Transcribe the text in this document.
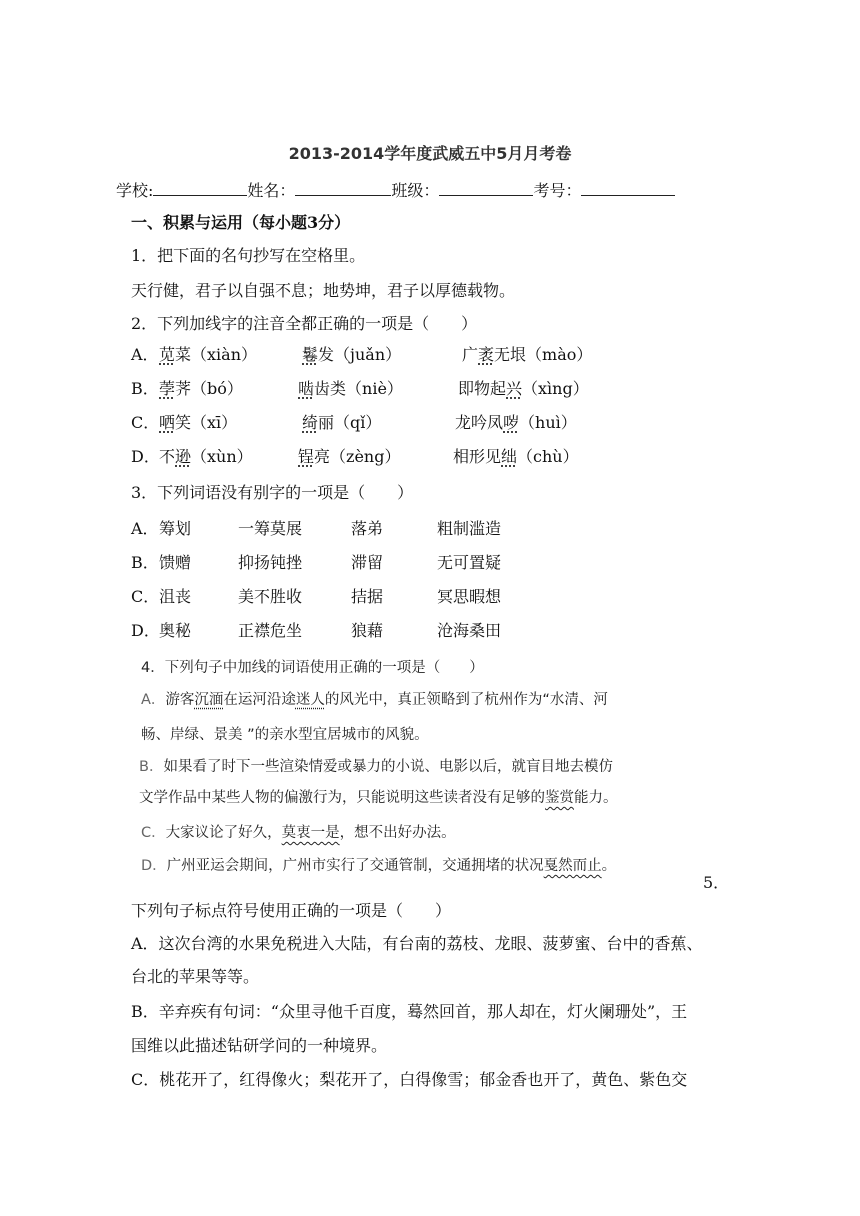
2013-2014学年度武威五中5月月考卷
学校:	姓名：	班级：	考号：
一、积累与运用（每小题3分）
1．把下面的名句抄写在空格里。
天行健，君子以自强不息；地势坤，君子以厚德载物。
2．下列加线字的注音全都正确的一项是（　　）
A． 苋菜（xiàn）	鬈发（juǎn）	广袤无垠（mào）
B． 荸荠（bó）	啮齿类（niè）	即物起兴（xìng）
C． 哂笑（xī）	绮丽（qǐ）	龙吟凤哕（huì）
D． 不逊（xùn）	锃亮（zèng）	相形见绌（chù）
3．下列词语没有别字的一项是（　　）
A． 筹划	一筹莫展	落弟	粗制滥造
B． 馈赠	抑扬钝挫	滞留	无可置疑
C． 沮丧	美不胜收	拮据	冥思暇想
D． 奥秘	正襟危坐	狼藉	沧海桑田
4．下列句子中加线的词语使用正确的一项是（　　）
A．游客沉湎在运河沿途迷人的风光中，真正领略到了杭州作为“水清、河
畅、岸绿、景美 ”的亲水型宜居城市的风貌。
B．如果看了时下一些渲染情爱或暴力的小说、电影以后，就盲目地去模仿
文学作品中某些人物的偏激行为，只能说明这些读者没有足够的鉴赏能力。
C．大家议论了好久，莫衷一是，想不出好办法。
D．广州亚运会期间，广州市实行了交通管制，交通拥堵的状况戛然而止。
5．
下列句子标点符号使用正确的一项是（　　）
A．这次台湾的水果免税进入大陆，有台南的荔枝、龙眼、菠萝蜜、台中的香蕉、
台北的苹果等等。
B．辛弃疾有句词：“众里寻他千百度，蓦然回首，那人却在，灯火阑珊处”，王
国维以此描述钻研学问的一种境界。
C．桃花开了，红得像火；梨花开了，白得像雪；郁金香也开了，黄色、紫色交
